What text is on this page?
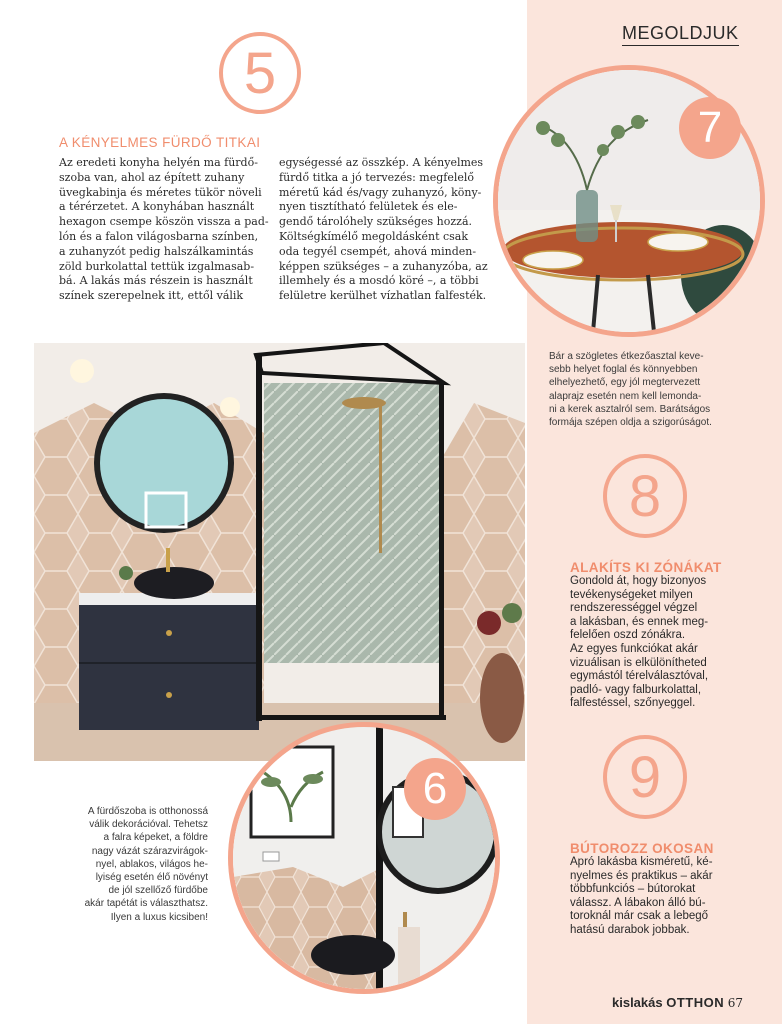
MEGOLDJUK
5
A KÉNYELMES FÜRDŐ TITKAI
Az eredeti konyha helyén ma fürdő-
szoba van, ahol az épített zuhany
üvegkabinja és méretes tükör növeli
a térérzetet. A konyhában használt
hexagon csempe köszön vissza a pad-
lón és a falon világosbarna színben,
a zuhanyzót pedig halszálkamintás
zöld burkolattal tettük izgalmasab-
bá. A lakás más részein is használt
színek szerepelnek itt, ettől válik
egységessé az összkép. A kényelmes
fürdő titka a jó tervezés: megfelelő
méretű kád és/vagy zuhanyzó, köny-
nyen tisztítható felületek és ele-
gendő tárolóhely szükséges hozzá.
Költségkímélő megoldásként csak
oda tegyél csempét, ahová minden-
képpen szükséges – a zuhanyzóba, az
illemhely és a mosdó köré –, a többi
felületre kerülhet vízhatlan falfesték.
7
Bár a szögletes étkezőasztal keve-
sebb helyet foglal és könnyebben
elhelyezhető, egy jól megtervezett
alaprajz esetén nem kell lemonda-
ni a kerek asztalról sem. Barátságos
formája szépen oldja a szigorúságot.
8
ALAKÍTS KI ZÓNÁKAT
Gondold át, hogy bizonyos
tevékenységeket milyen
rendszerességgel végzel
a lakásban, és ennek meg-
felelően oszd zónákra.
Az egyes funkciókat akár
vizuálisan is elkülönítheted
egymástól térelválasztóval,
padló- vagy falburkolattal,
falfestéssel, szőnyeggel.
9
BÚTOROZZ OKOSAN
Apró lakásba kisméretű, ké-
nyelmes és praktikus – akár
többfunkciós – bútorokat
válassz. A lábakon álló bú-
toroknál már csak a lebegő
hatású darabok jobbak.
6
A fürdőszoba is otthonossá
válik dekorációval. Tehetsz
a falra képeket, a földre
nagy vázát szárazvirágok-
nyel, ablakos, világos he-
lyiség esetén élő növényt
de jól szellőző fürdőbe
akár tapétát is választhatsz.
Ilyen a luxus kicsiben!
kislakás OTTHON 67
